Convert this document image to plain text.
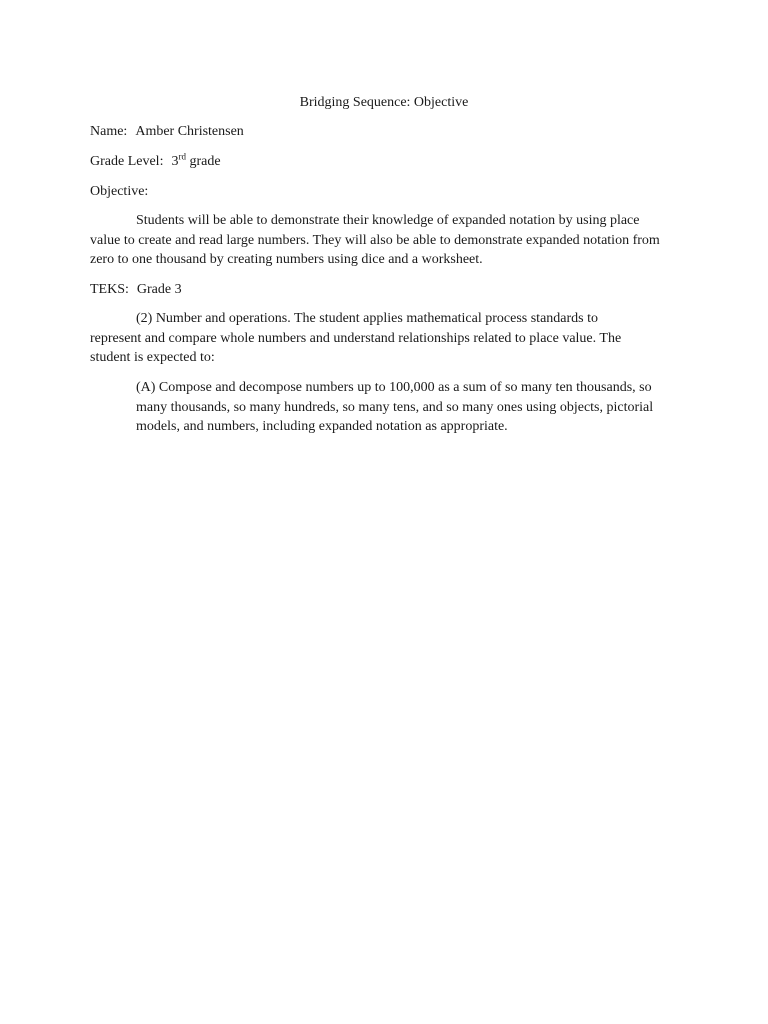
Bridging Sequence: Objective
Name: Amber Christensen
Grade Level: 3rd grade
Objective:
Students will be able to demonstrate their knowledge of expanded notation by using place value to create and read large numbers. They will also be able to demonstrate expanded notation from zero to one thousand by creating numbers using dice and a worksheet.
TEKS: Grade 3
(2) Number and operations. The student applies mathematical process standards to represent and compare whole numbers and understand relationships related to place value. The student is expected to:
(A) Compose and decompose numbers up to 100,000 as a sum of so many ten thousands, so many thousands, so many hundreds, so many tens, and so many ones using objects, pictorial models, and numbers, including expanded notation as appropriate.
